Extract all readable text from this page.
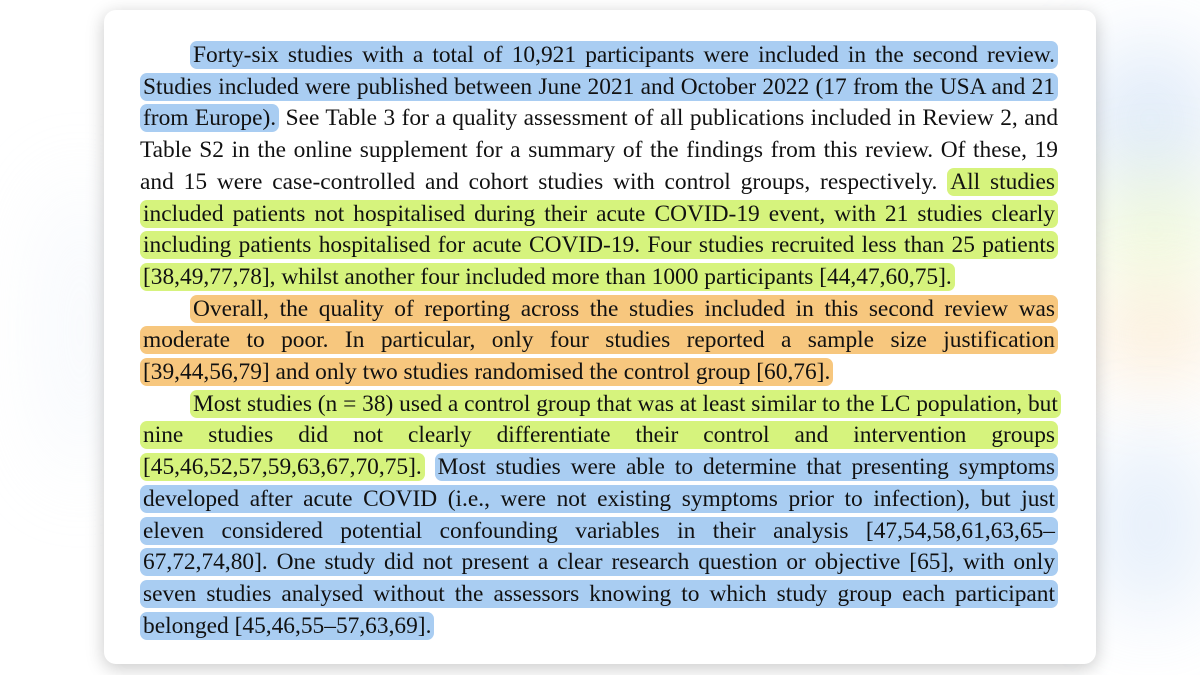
Forty-six studies with a total of 10,921 participants were included in the second review. Studies included were published between June 2021 and October 2022 (17 from the USA and 21 from Europe). See Table 3 for a quality assessment of all publications included in Review 2, and Table S2 in the online supplement for a summary of the findings from this review. Of these, 19 and 15 were case-controlled and cohort studies with control groups, respectively. All studies included patients not hospitalised during their acute COVID-19 event, with 21 studies clearly including patients hospitalised for acute COVID-19. Four studies recruited less than 25 patients [38,49,77,78], whilst another four included more than 1000 participants [44,47,60,75].

Overall, the quality of reporting across the studies included in this second review was moderate to poor. In particular, only four studies reported a sample size justification [39,44,56,79] and only two studies randomised the control group [60,76].

Most studies (n = 38) used a control group that was at least similar to the LC population, but nine studies did not clearly differentiate their control and intervention groups [45,46,52,57,59,63,67,70,75]. Most studies were able to determine that presenting symptoms developed after acute COVID (i.e., were not existing symptoms prior to infection), but just eleven considered potential confounding variables in their analysis [47,54,58,61,63,65–67,72,74,80]. One study did not present a clear research question or objective [65], with only seven studies analysed without the assessors knowing to which study group each participant belonged [45,46,55–57,63,69].
